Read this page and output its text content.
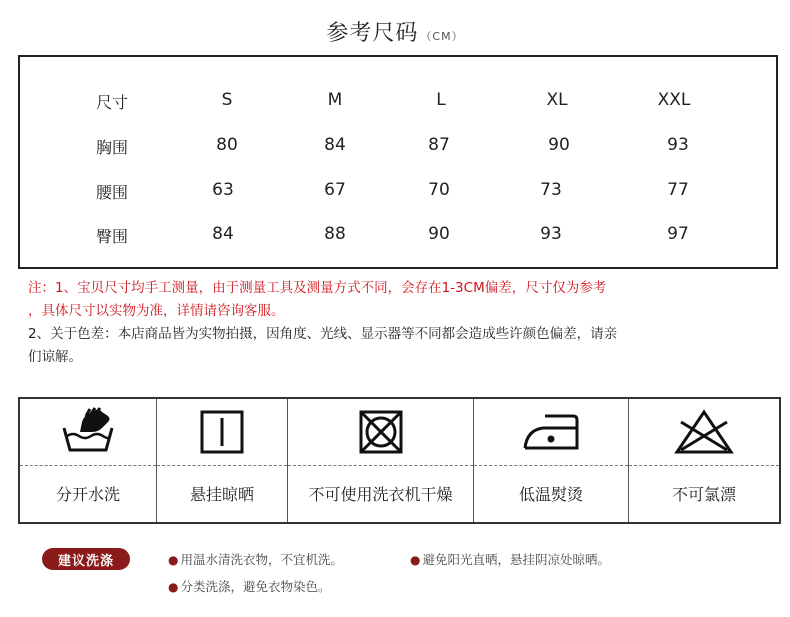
参考尺码 （CM）
尺寸	S	M	L	XL	XXL
胸围	80	84	87	90	93
腰围	63	67	70	73	77
臀围	84	88	90	93	97

注：1、宝贝尺寸均手工测量，由于测量工具及测量方式不同，会存在1-3CM偏差，尺寸仅为参考

，具体尺寸以实物为准，详情请咨询客服。

2、关于色差：本店商品皆为实物拍摄，因角度、光线、显示器等不同都会造成些许颜色偏差，请亲

们谅解。

分开水洗	悬挂晾晒	不可使用洗衣机干燥	低温熨烫	不可氯漂
建议洗涤	● 用温水清洗衣物，不宜机洗。	● 避免阳光直晒，悬挂阴凉处晾晒。
● 分类洗涤，避免衣物染色。
